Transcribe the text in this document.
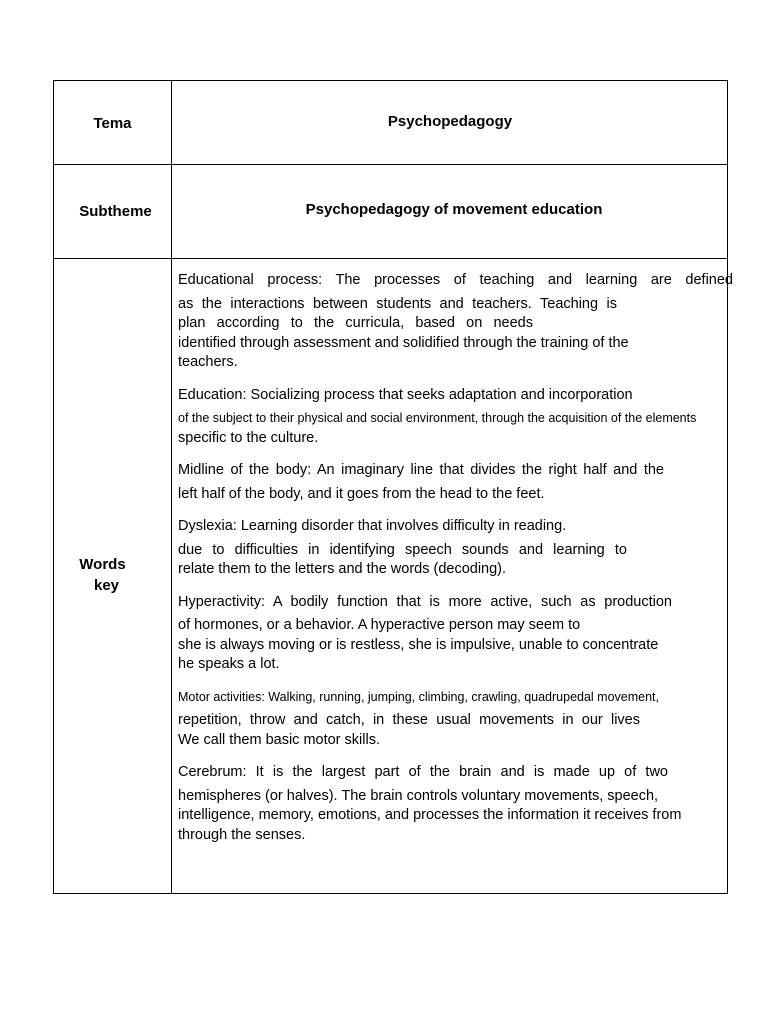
Tema	Psychopedagogy
Subtheme	Psychopedagogy of movement education
Words
key
Educational process: The processes of teaching and learning are defined
as the interactions between students and teachers. Teaching is
plan according to the curricula, based on needs
identified through assessment and solidified through the training of the
teachers.
Education: Socializing process that seeks adaptation and incorporation
of the subject to their physical and social environment, through the acquisition of the elements
specific to the culture.
Midline of the body: An imaginary line that divides the right half and the
left half of the body, and it goes from the head to the feet.
Dyslexia: Learning disorder that involves difficulty in reading.
due to difficulties in identifying speech sounds and learning to
relate them to the letters and the words (decoding).
Hyperactivity: A bodily function that is more active, such as production
of hormones, or a behavior. A hyperactive person may seem to
she is always moving or is restless, she is impulsive, unable to concentrate
he speaks a lot.
Motor activities: Walking, running, jumping, climbing, crawling, quadrupedal movement,
repetition, throw and catch, in these usual movements in our lives
We call them basic motor skills.
Cerebrum: It is the largest part of the brain and is made up of two
hemispheres (or halves). The brain controls voluntary movements, speech,
intelligence, memory, emotions, and processes the information it receives from
through the senses.
